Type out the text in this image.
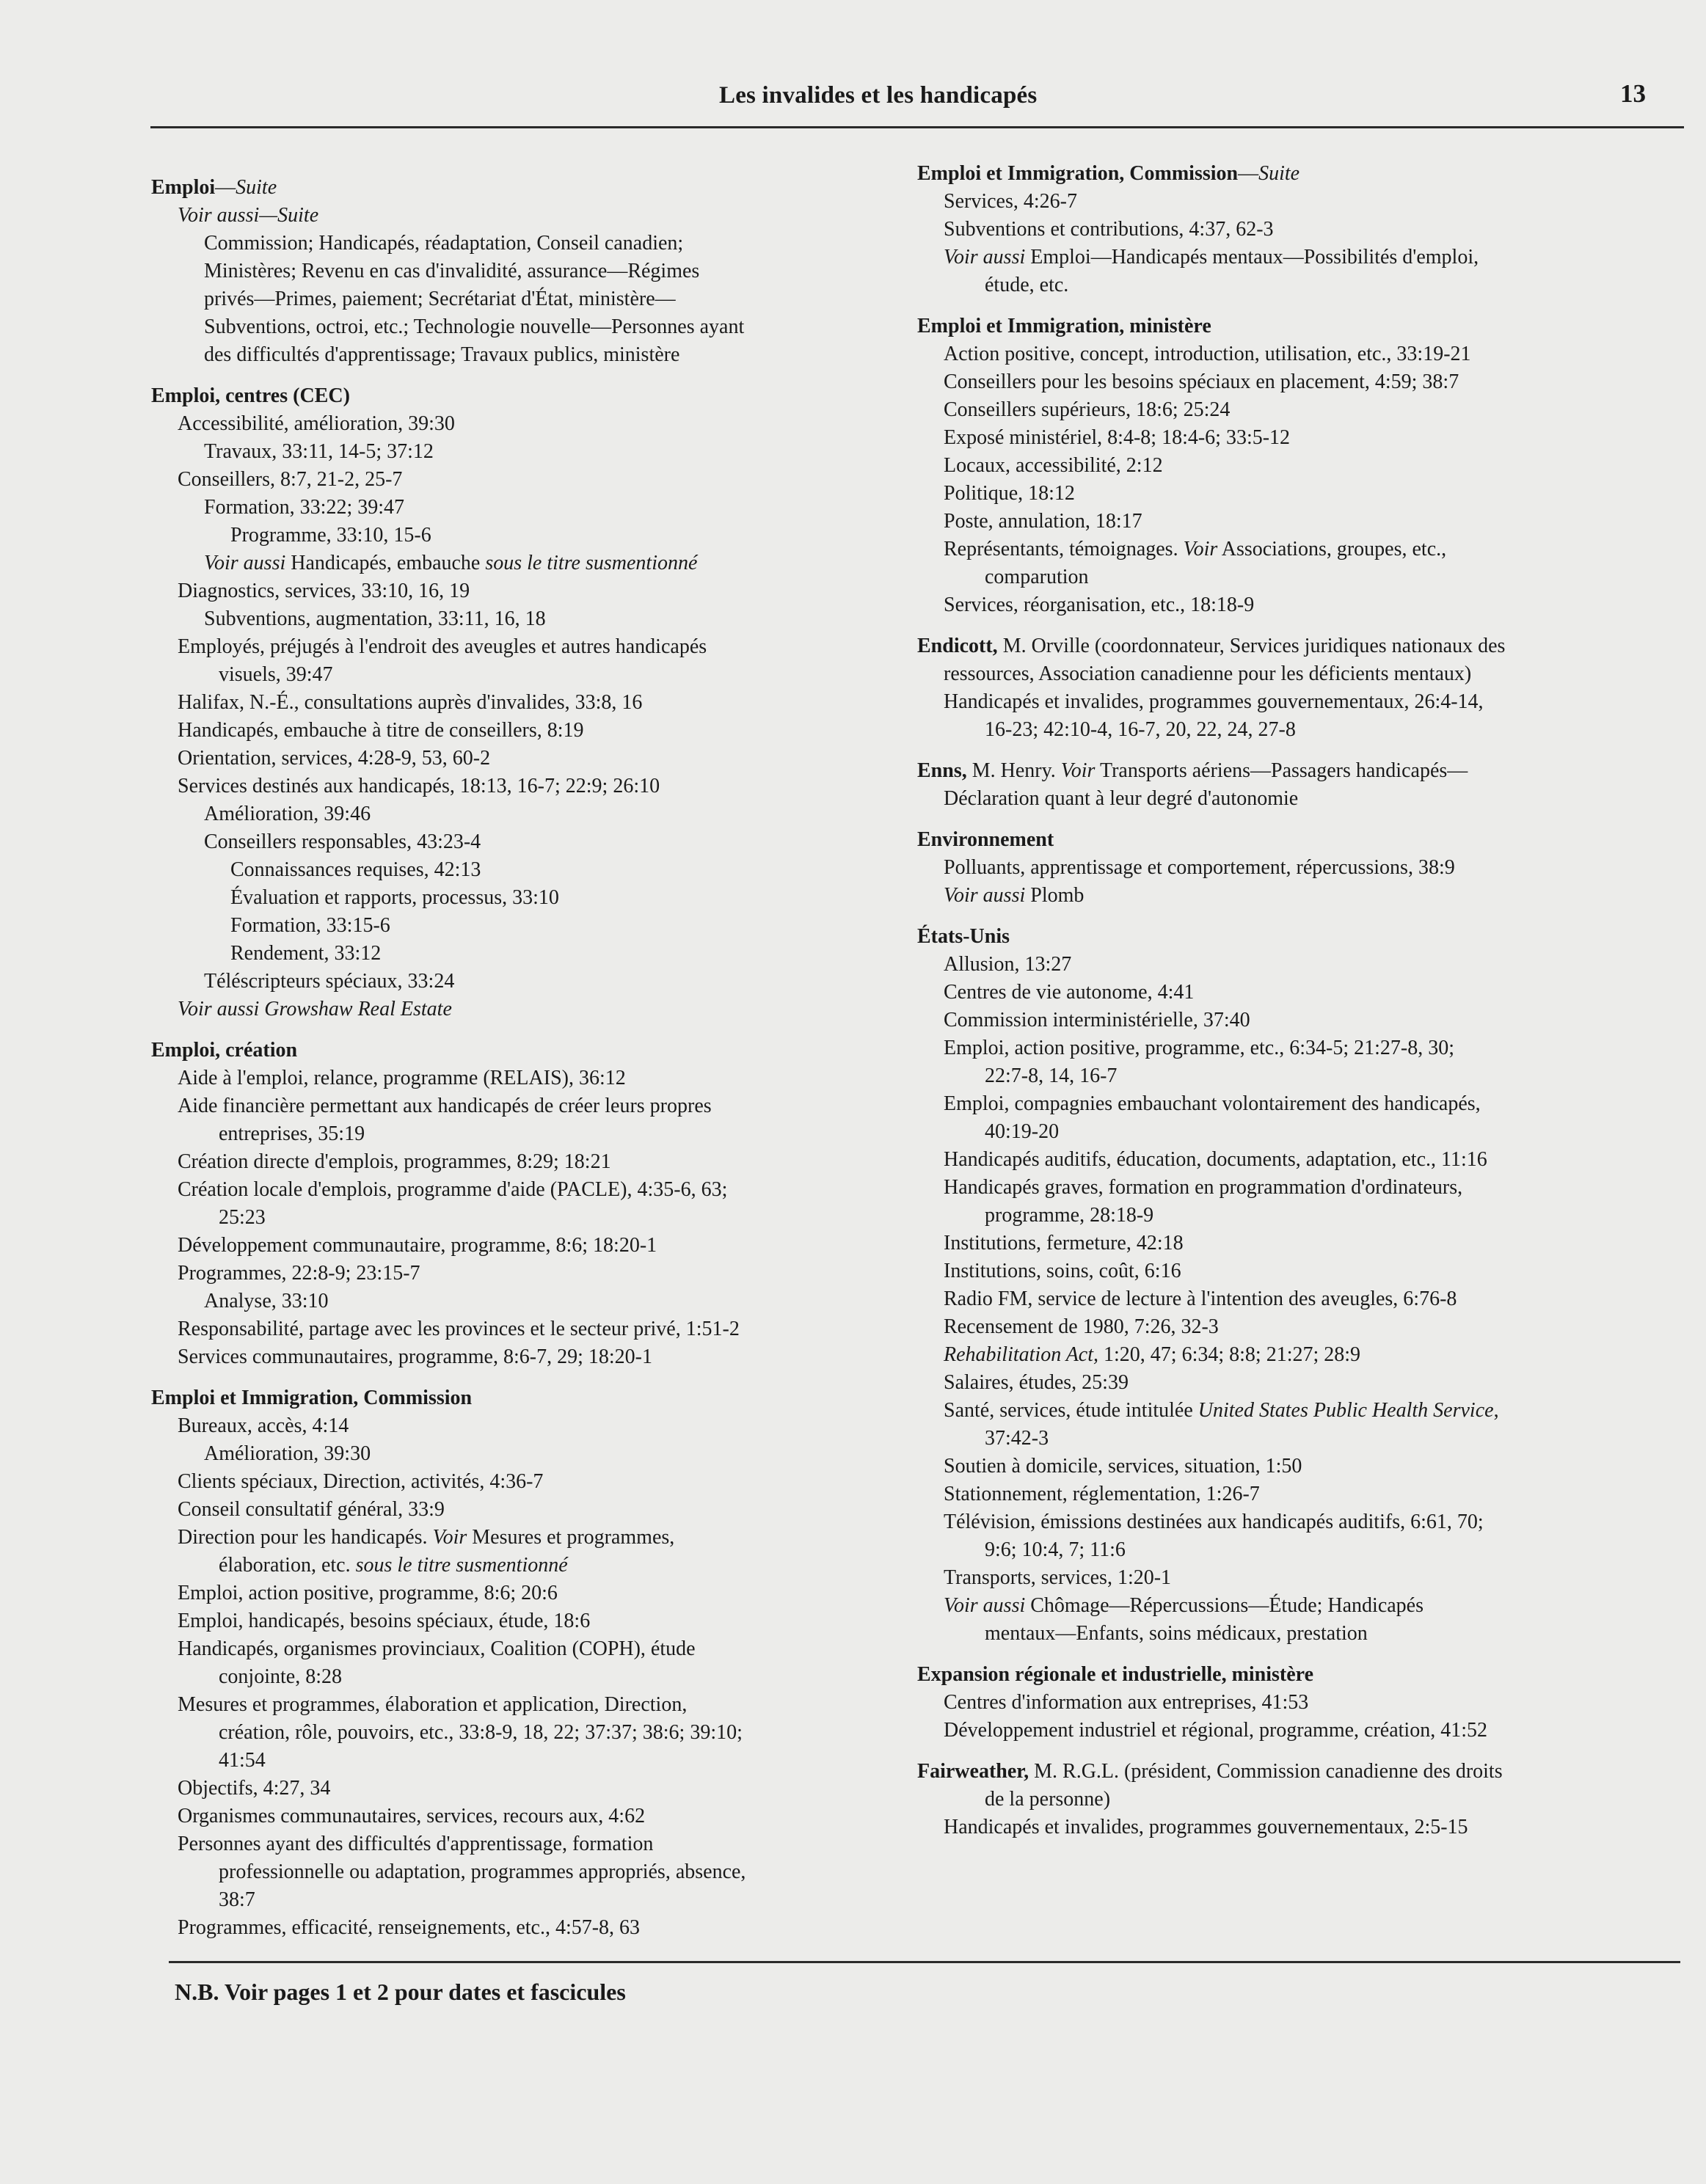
Les invalides et les handicapés	13
Emploi—Suite
Voir aussi—Suite
Commission; Handicapés, réadaptation, Conseil canadien;
Ministères; Revenu en cas d'invalidité, assurance—Régimes
privés—Primes, paiement; Secrétariat d'État, ministère—
Subventions, octroi, etc.; Technologie nouvelle—Personnes ayant
des difficultés d'apprentissage; Travaux publics, ministère
Emploi, centres (CEC)
Accessibilité, amélioration, 39:30
Travaux, 33:11, 14-5; 37:12
Conseillers, 8:7, 21-2, 25-7
Formation, 33:22; 39:47
Programme, 33:10, 15-6
Voir aussi Handicapés, embauche sous le titre susmentionné
Diagnostics, services, 33:10, 16, 19
Subventions, augmentation, 33:11, 16, 18
Employés, préjugés à l'endroit des aveugles et autres handicapés
visuels, 39:47
Halifax, N.-É., consultations auprès d'invalides, 33:8, 16
Handicapés, embauche à titre de conseillers, 8:19
Orientation, services, 4:28-9, 53, 60-2
Services destinés aux handicapés, 18:13, 16-7; 22:9; 26:10
Amélioration, 39:46
Conseillers responsables, 43:23-4
Connaissances requises, 42:13
Évaluation et rapports, processus, 33:10
Formation, 33:15-6
Rendement, 33:12
Téléscripteurs spéciaux, 33:24
Voir aussi Growshaw Real Estate
Emploi, création
Aide à l'emploi, relance, programme (RELAIS), 36:12
Aide financière permettant aux handicapés de créer leurs propres
entreprises, 35:19
Création directe d'emplois, programmes, 8:29; 18:21
Création locale d'emplois, programme d'aide (PACLE), 4:35-6, 63;
25:23
Développement communautaire, programme, 8:6; 18:20-1
Programmes, 22:8-9; 23:15-7
Analyse, 33:10
Responsabilité, partage avec les provinces et le secteur privé, 1:51-2
Services communautaires, programme, 8:6-7, 29; 18:20-1
Emploi et Immigration, Commission
Bureaux, accès, 4:14
Amélioration, 39:30
Clients spéciaux, Direction, activités, 4:36-7
Conseil consultatif général, 33:9
Direction pour les handicapés. Voir Mesures et programmes,
élaboration, etc. sous le titre susmentionné
Emploi, action positive, programme, 8:6; 20:6
Emploi, handicapés, besoins spéciaux, étude, 18:6
Handicapés, organismes provinciaux, Coalition (COPH), étude
conjointe, 8:28
Mesures et programmes, élaboration et application, Direction,
création, rôle, pouvoirs, etc., 33:8-9, 18, 22; 37:37; 38:6; 39:10;
41:54
Objectifs, 4:27, 34
Organismes communautaires, services, recours aux, 4:62
Personnes ayant des difficultés d'apprentissage, formation
professionnelle ou adaptation, programmes appropriés, absence,
38:7
Programmes, efficacité, renseignements, etc., 4:57-8, 63
Emploi et Immigration, Commission—Suite
Services, 4:26-7
Subventions et contributions, 4:37, 62-3
Voir aussi Emploi—Handicapés mentaux—Possibilités d'emploi,
étude, etc.
Emploi et Immigration, ministère
Action positive, concept, introduction, utilisation, etc., 33:19-21
Conseillers pour les besoins spéciaux en placement, 4:59; 38:7
Conseillers supérieurs, 18:6; 25:24
Exposé ministériel, 8:4-8; 18:4-6; 33:5-12
Locaux, accessibilité, 2:12
Politique, 18:12
Poste, annulation, 18:17
Représentants, témoignages. Voir Associations, groupes, etc.,
comparution
Services, réorganisation, etc., 18:18-9
Endicott, M. Orville (coordonnateur, Services juridiques nationaux des
ressources, Association canadienne pour les déficients mentaux)
Handicapés et invalides, programmes gouvernementaux, 26:4-14,
16-23; 42:10-4, 16-7, 20, 22, 24, 27-8
Enns, M. Henry. Voir Transports aériens—Passagers handicapés—
Déclaration quant à leur degré d'autonomie
Environnement
Polluants, apprentissage et comportement, répercussions, 38:9
Voir aussi Plomb
États-Unis
Allusion, 13:27
Centres de vie autonome, 4:41
Commission interministérielle, 37:40
Emploi, action positive, programme, etc., 6:34-5; 21:27-8, 30;
22:7-8, 14, 16-7
Emploi, compagnies embauchant volontairement des handicapés,
40:19-20
Handicapés auditifs, éducation, documents, adaptation, etc., 11:16
Handicapés graves, formation en programmation d'ordinateurs,
programme, 28:18-9
Institutions, fermeture, 42:18
Institutions, soins, coût, 6:16
Radio FM, service de lecture à l'intention des aveugles, 6:76-8
Recensement de 1980, 7:26, 32-3
Rehabilitation Act, 1:20, 47; 6:34; 8:8; 21:27; 28:9
Salaires, études, 25:39
Santé, services, étude intitulée United States Public Health Service,
37:42-3
Soutien à domicile, services, situation, 1:50
Stationnement, réglementation, 1:26-7
Télévision, émissions destinées aux handicapés auditifs, 6:61, 70;
9:6; 10:4, 7; 11:6
Transports, services, 1:20-1
Voir aussi Chômage—Répercussions—Étude; Handicapés
mentaux—Enfants, soins médicaux, prestation
Expansion régionale et industrielle, ministère
Centres d'information aux entreprises, 41:53
Développement industriel et régional, programme, création, 41:52
Fairweather, M. R.G.L. (président, Commission canadienne des droits
de la personne)
Handicapés et invalides, programmes gouvernementaux, 2:5-15
N.B. Voir pages 1 et 2 pour dates et fascicules
